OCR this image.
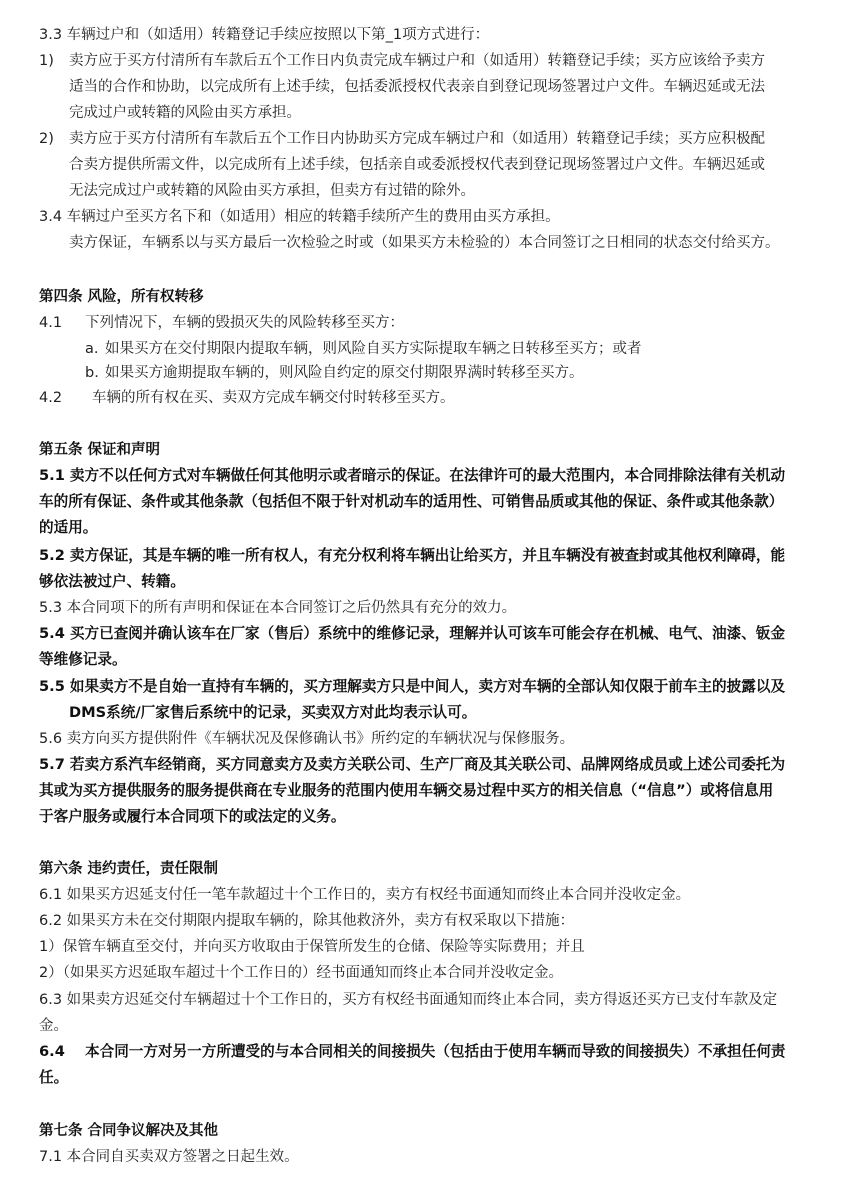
3.3 车辆过户和（如适用）转籍登记手续应按照以下第_1项方式进行：
1) 卖方应于买方付清所有车款后五个工作日内负责完成车辆过户和（如适用）转籍登记手续；买方应该给予卖方
适当的合作和协助，以完成所有上述手续，包括委派授权代表亲自到登记现场签署过户文件。车辆迟延或无法
完成过户或转籍的风险由买方承担。
2) 卖方应于买方付清所有车款后五个工作日内协助买方完成车辆过户和（如适用）转籍登记手续；买方应积极配
合卖方提供所需文件，以完成所有上述手续，包括亲自或委派授权代表到登记现场签署过户文件。车辆迟延或
无法完成过户或转籍的风险由买方承担，但卖方有过错的除外。
3.4 车辆过户至买方名下和（如适用）相应的转籍手续所产生的费用由买方承担。
卖方保证，车辆系以与买方最后一次检验之时或（如果买方未检验的）本合同签订之日相同的状态交付给买方。
第四条 风险，所有权转移
4.1 下列情况下，车辆的毁损灭失的风险转移至买方：
a. 如果买方在交付期限内提取车辆，则风险自买方实际提取车辆之日转移至买方；或者
b. 如果买方逾期提取车辆的，则风险自约定的原交付期限界满时转移至买方。
4.2 车辆的所有权在买、卖双方完成车辆交付时转移至买方。
第五条 保证和声明
5.1 卖方不以任何方式对车辆做任何其他明示或者暗示的保证。在法律许可的最大范围内，本合同排除法律有关机动
车的所有保证、条件或其他条款（包括但不限于针对机动车的适用性、可销售品质或其他的保证、条件或其他条款）
的适用。
5.2 卖方保证，其是车辆的唯一所有权人，有充分权利将车辆出让给买方，并且车辆没有被查封或其他权利障碍，能
够依法被过户、转籍。
5.3 本合同项下的所有声明和保证在本合同签订之后仍然具有充分的效力。
5.4 买方已查阅并确认该车在厂家（售后）系统中的维修记录，理解并认可该车可能会存在机械、电气、油漆、钣金
等维修记录。
5.5 如果卖方不是自始一直持有车辆的，买方理解卖方只是中间人，卖方对车辆的全部认知仅限于前车主的披露以及
DMS系统/厂家售后系统中的记录，买卖双方对此均表示认可。
5.6 卖方向买方提供附件《车辆状况及保修确认书》所约定的车辆状况与保修服务。
5.7 若卖方系汽车经销商，买方同意卖方及卖方关联公司、生产厂商及其关联公司、品牌网络成员或上述公司委托为
其或为买方提供服务的服务提供商在专业服务的范围内使用车辆交易过程中买方的相关信息（“信息”）或将信息用
于客户服务或履行本合同项下的或法定的义务。
第六条 违约责任，责任限制
6.1 如果买方迟延支付任一笔车款超过十个工作日的，卖方有权经书面通知而终止本合同并没收定金。
6.2 如果买方未在交付期限内提取车辆的，除其他救济外，卖方有权采取以下措施：
1）保管车辆直至交付，并向买方收取由于保管所发生的仓储、保险等实际费用；并且
2）（如果买方迟延取车超过十个工作日的）经书面通知而终止本合同并没收定金。
6.3 如果卖方迟延交付车辆超过十个工作日的，买方有权经书面通知而终止本合同，卖方得返还买方已支付车款及定
金。
6.4 本合同一方对另一方所遭受的与本合同相关的间接损失（包括由于使用车辆而导致的间接损失）不承担任何责
任。
第七条 合同争议解决及其他
7.1 本合同自买卖双方签署之日起生效。
